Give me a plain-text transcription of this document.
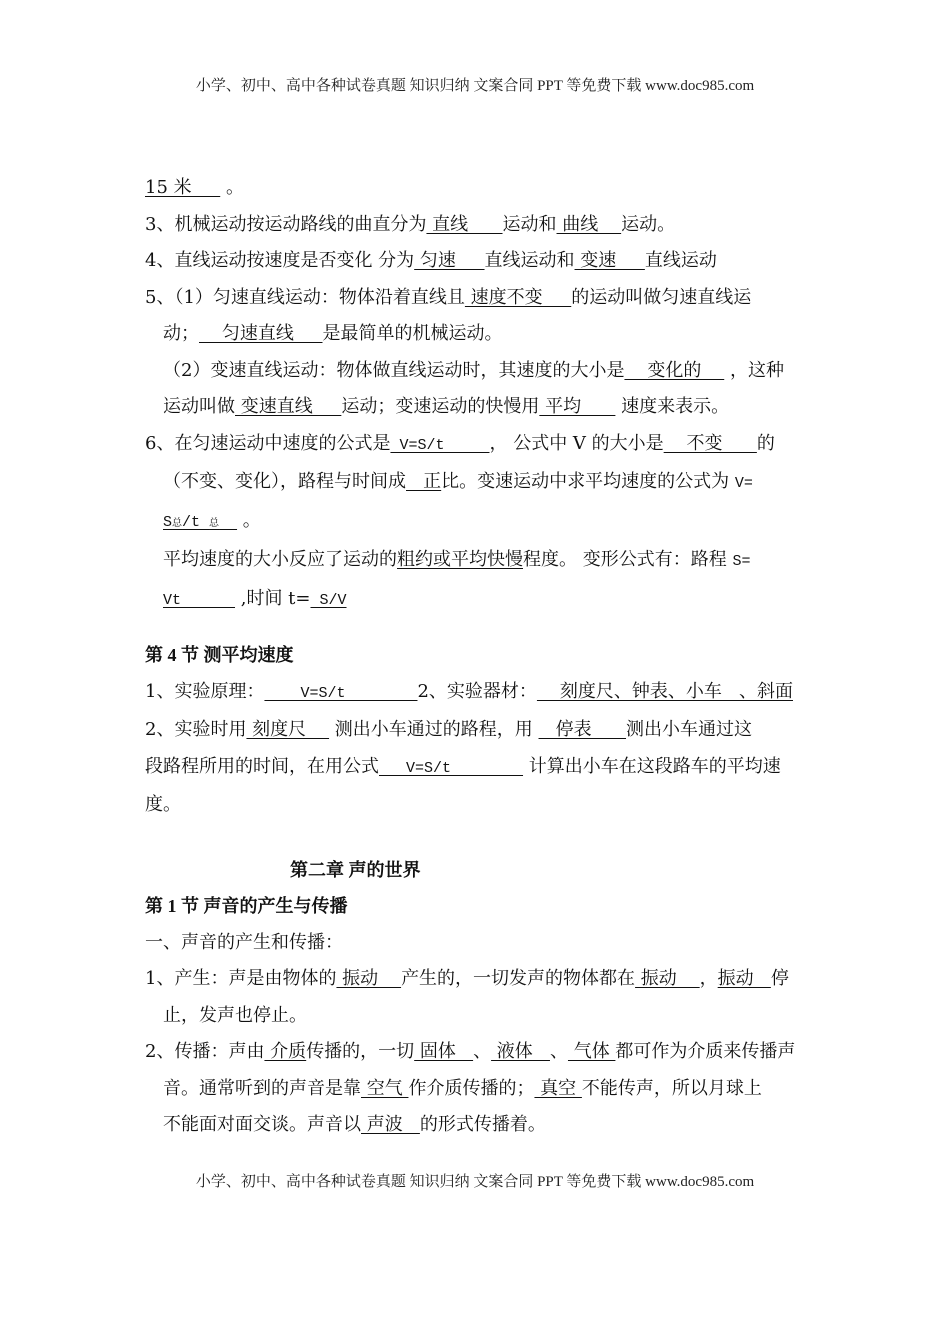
小学、初中、高中各种试卷真题 知识归纳 文案合同 PPT 等免费下载 www.doc985.com
15 米      。
3、机械运动按运动路线的曲直分为 直线      运动和 曲线    运动。
4、直线运动按速度是否变化 分为 匀速     直线运动和 变速     直线运动
5、（1）匀速直线运动：物体沿着直线且 速度不变     的运动叫做匀速直线运
动；    匀速直线     是最简单的机械运动。
（2）变速直线运动：物体做直线运动时，其速度的大小是    变化的     ，这种
运动叫做 变速直线     运动；变速运动的快慢用 平均       速度来表示。
6、在匀速运动中速度的公式是 V=S/t     ， 公式中 V 的大小是    不变      的
（不变、变化），路程与时间成   正比。变速运动中求平均速度的公式为 V=
S总/t 总   。
平均速度的大小反应了运动的粗约或平均快慢程度。 变形公式有：路程 S=
Vt       ,时间 t= S/V
第 4 节 测平均速度
1、实验原理：    V=S/t        2、实验器材：    刻度尺、钟表、小车   、斜面
2、实验时用 刻度尺     测出小车通过的路程，用    停表      测出小车通过这
段路程所用的时间，在用公式   V=S/t         计算出小车在这段路车的平均速
度。
第二章 声的世界
第 1 节 声音的产生与传播
一、声音的产生和传播：
1、产生：声是由物体的 振动    产生的，一切发声的物体都在 振动    ，振动   停
止，发声也停止。
2、传播：声由 介质传播的，一切 固体   、 液体   、 气体 都可作为介质来传播声
音。通常听到的声音是靠 空气 作介质传播的； 真空 不能传声，所以月球上
不能面对面交谈。声音以 声波   的形式传播着。
小学、初中、高中各种试卷真题 知识归纳 文案合同 PPT 等免费下载 www.doc985.com
